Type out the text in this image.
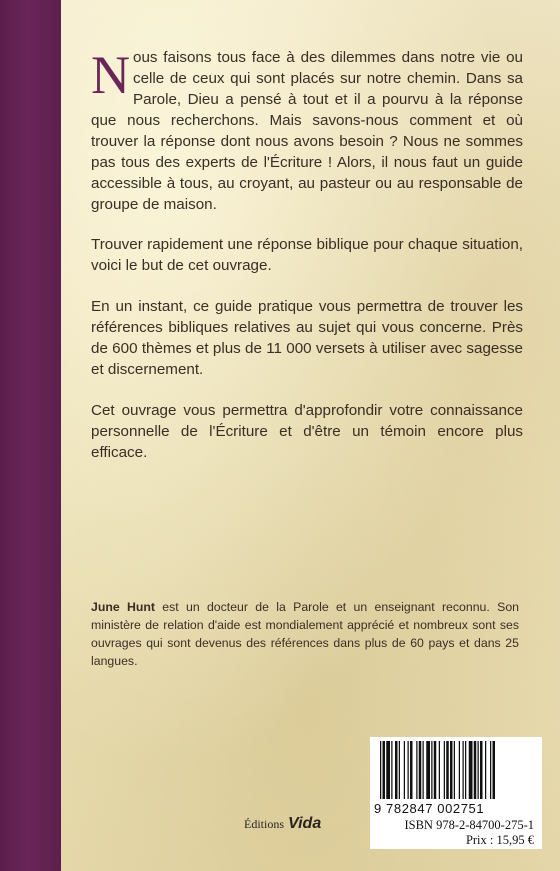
Nous faisons tous face à des dilemmes dans notre vie ou celle de ceux qui sont placés sur notre chemin. Dans sa Parole, Dieu a pensé à tout et il a pourvu à la réponse que nous recherchons. Mais savons-nous comment et où trouver la réponse dont nous avons besoin ? Nous ne sommes pas tous des experts de l'Écriture ! Alors, il nous faut un guide accessible à tous, au croyant, au pasteur ou au responsable de groupe de maison.

Trouver rapidement une réponse biblique pour chaque situation, voici le but de cet ouvrage.

En un instant, ce guide pratique vous permettra de trouver les références bibliques relatives au sujet qui vous concerne. Près de 600 thèmes et plus de 11 000 versets à utiliser avec sagesse et discernement.

Cet ouvrage vous permettra d'approfondir votre connaissance personnelle de l'Écriture et d'être un témoin encore plus efficace.

June Hunt est un docteur de la Parole et un enseignant reconnu. Son ministère de relation d'aide est mondialement apprécié et nombreux sont ses ouvrages qui sont devenus des références dans plus de 60 pays et dans 25 langues.

9 782847 002751
ISBN 978-2-84700-275-1
Prix : 15,95 €
Éditions Vida
